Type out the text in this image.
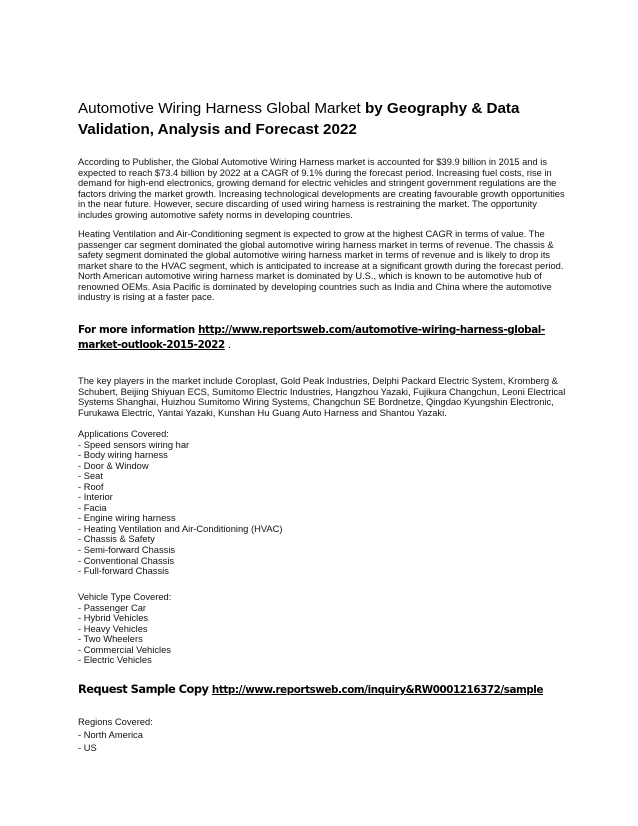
Automotive Wiring Harness Global Market by Geography & Data Validation, Analysis and Forecast 2022

According to Publisher, the Global Automotive Wiring Harness market is accounted for $39.9 billion in 2015 and is expected to reach $73.4 billion by 2022 at a CAGR of 9.1% during the forecast period. Increasing fuel costs, rise in demand for high-end electronics, growing demand for electric vehicles and stringent government regulations are the factors driving the market growth. Increasing technological developments are creating favourable growth opportunities in the near future. However, secure discarding of used wiring harness is restraining the market. The opportunity includes growing automotive safety norms in developing countries.

Heating Ventilation and Air-Conditioning segment is expected to grow at the highest CAGR in terms of value. The passenger car segment dominated the global automotive wiring harness market in terms of revenue. The chassis & safety segment dominated the global automotive wiring harness market in terms of revenue and is likely to drop its market share to the HVAC segment, which is anticipated to increase at a significant growth during the forecast period. North American automotive wiring harness market is dominated by U.S., which is known to be automotive hub of renowned OEMs. Asia Pacific is dominated by developing countries such as India and China where the automotive industry is rising at a faster pace.

For more information http://www.reportsweb.com/automotive-wiring-harness-global-market-outlook-2015-2022 .

The key players in the market include Coroplast, Gold Peak Industries, Delphi Packard Electric System, Kromberg & Schubert, Beijing Shiyuan ECS, Sumitomo Electric Industries, Hangzhou Yazaki, Fujikura Changchun, Leoni Electrical Systems Shanghai, Huizhou Sumitomo Wiring Systems, Changchun SE Bordnetze, Qingdao Kyungshin Electronic, Furukawa Electric, Yantai Yazaki, Kunshan Hu Guang Auto Harness and Shantou Yazaki.

Applications Covered:
- Speed sensors wiring har
- Body wiring harness
- Door & Window
- Seat
- Roof
- Interior
- Facia
- Engine wiring harness
- Heating Ventilation and Air-Conditioning (HVAC)
- Chassis & Safety
- Semi-forward Chassis
- Conventional Chassis
- Full-forward Chassis
Vehicle Type Covered:
- Passenger Car
- Hybrid Vehicles
- Heavy Vehicles
- Two Wheelers
- Commercial Vehicles
- Electric Vehicles
Request Sample Copy http://www.reportsweb.com/inquiry&RW0001216372/sample
Regions Covered:
- North America
- US
